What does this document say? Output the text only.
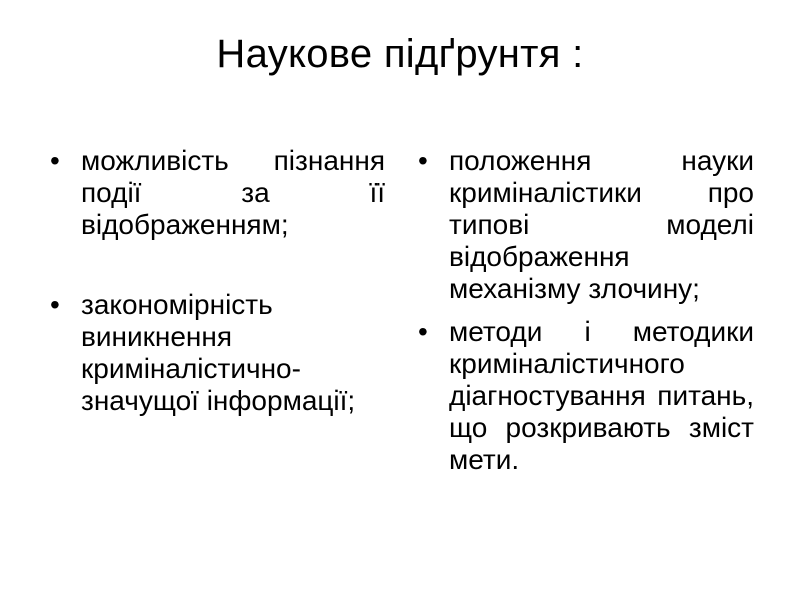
Наукове підґрунтя :
• можливість пізнання події за її відображенням;
• закономірність виникнення криміналістично-значущої інформації;
• положення науки криміналістики про типові моделі відображення механізму злочину;
• методи і методики криміналістичного діагностування питань, що розкривають зміст мети.
